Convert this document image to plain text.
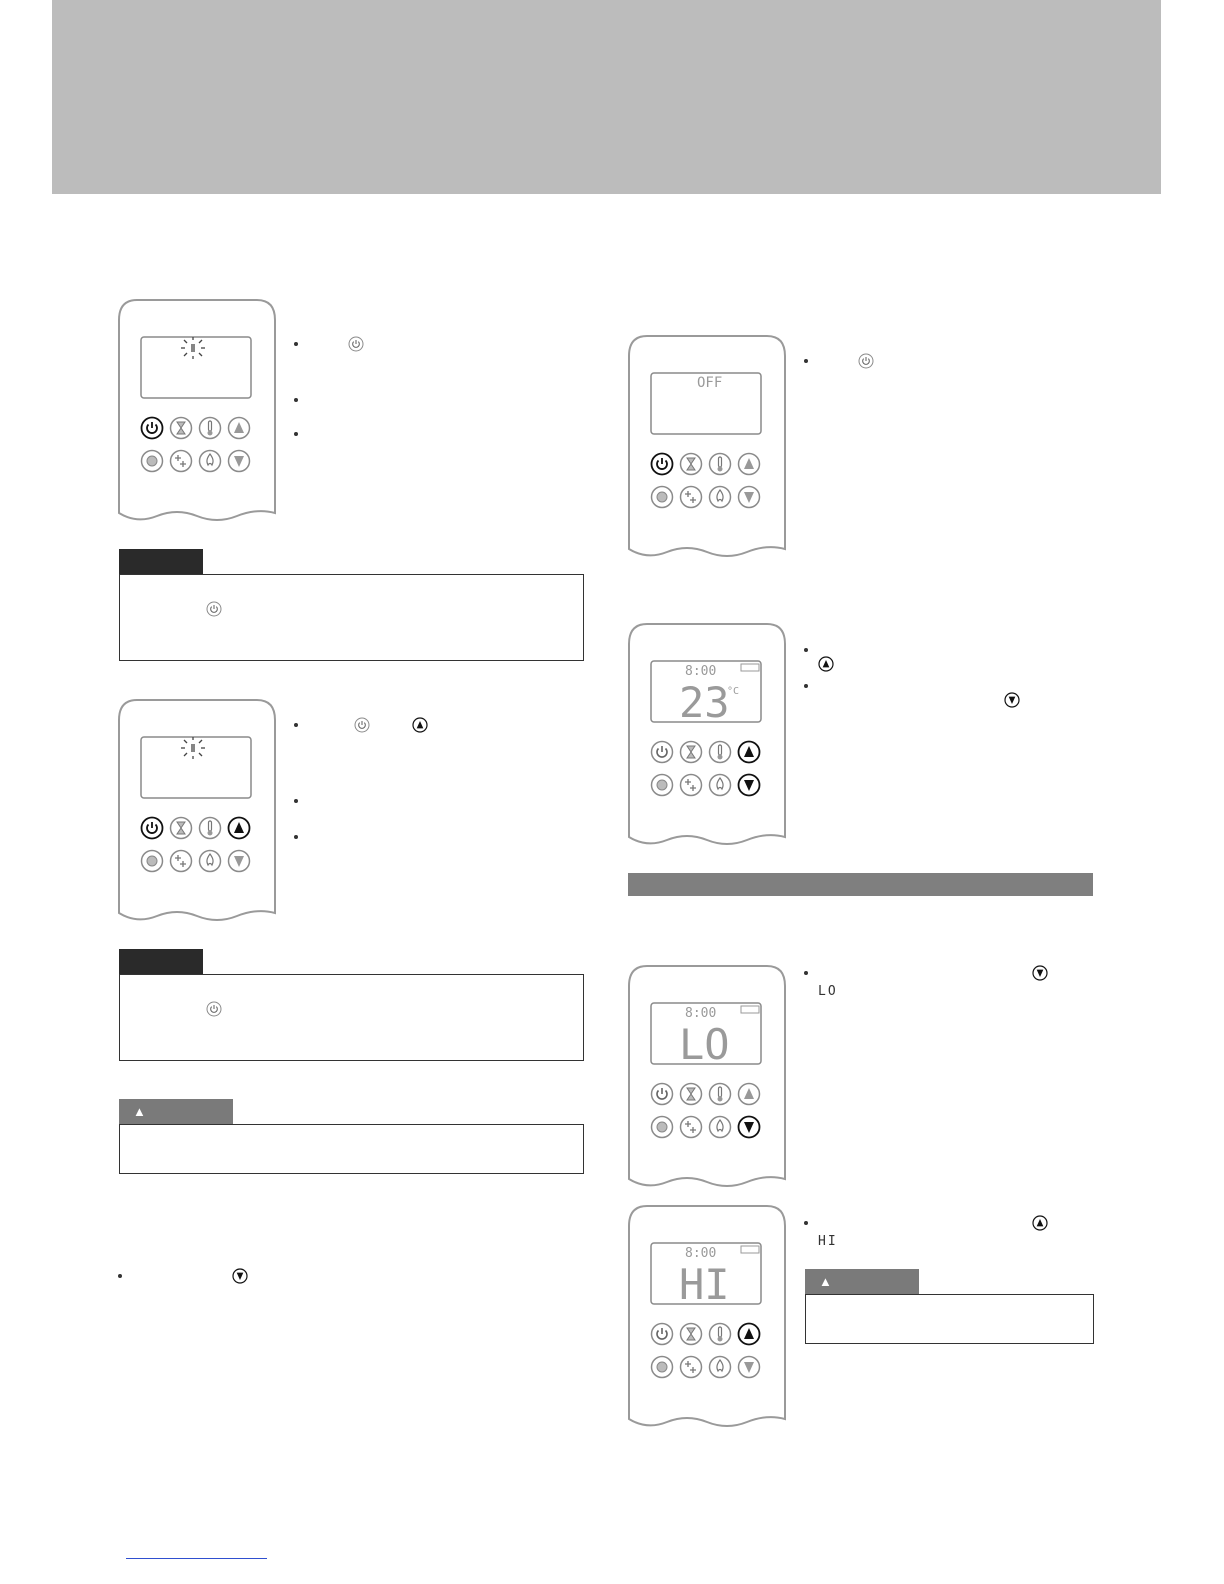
▲
OFF
8:00
23
°C
8:00
LO
LO
8:00
HI
HI
▲
